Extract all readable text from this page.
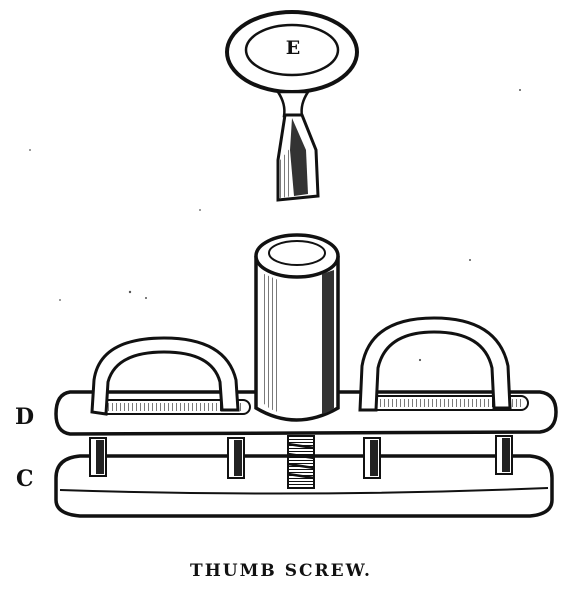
E
D
C
THUMB SCREW.
